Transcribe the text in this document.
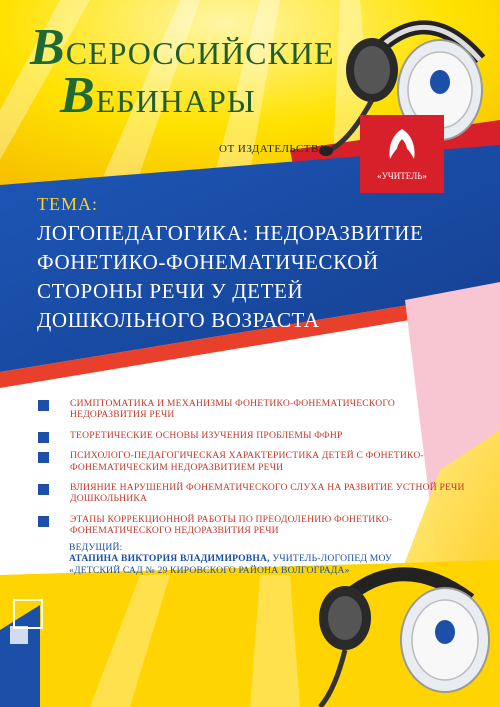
ВСЕРОССИЙСКИЕ
ВЕБИНАРЫ
ОТ ИЗДАТЕЛЬСТВА
«УЧИТЕЛЬ»
ТЕМА:
ЛОГОПЕДАГОГИКА: НЕДОРАЗВИТИЕ ФОНЕТИКО-ФОНЕМАТИЧЕСКОЙ СТОРОНЫ РЕЧИ У ДЕТЕЙ ДОШКОЛЬНОГО ВОЗРАСТА
СИМПТОМАТИКА И МЕХАНИЗМЫ ФОНЕТИКО-ФОНЕМАТИЧЕСКОГО НЕДОРАЗВИТИЯ РЕЧИ
ТЕОРЕТИЧЕСКИЕ ОСНОВЫ ИЗУЧЕНИЯ ПРОБЛЕМЫ ФФНР
ПСИХОЛОГО-ПЕДАГОГИЧЕСКАЯ ХАРАКТЕРИСТИКА ДЕТЕЙ С ФОНЕТИКО-ФОНЕМАТИЧЕСКИМ НЕДОРАЗВИТИЕМ РЕЧИ
ВЛИЯНИЕ НАРУШЕНИЙ ФОНЕМАТИЧЕСКОГО СЛУХА НА РАЗВИТИЕ УСТНОЙ РЕЧИ ДОШКОЛЬНИКА
ЭТАПЫ КОРРЕКЦИОННОЙ РАБОТЫ ПО ПРЕОДОЛЕНИЮ ФОНЕТИКО-ФОНЕМАТИЧЕСКОГО НЕДОРАЗВИТИЯ РЕЧИ
ВЕДУЩИЙ:
АТАПИНА ВИКТОРИЯ ВЛАДИМИРОВНА, УЧИТЕЛЬ-ЛОГОПЕД МОУ «ДЕТСКИЙ САД № 29 КИРОВСКОГО РАЙОНА ВОЛГОГРАДА»
